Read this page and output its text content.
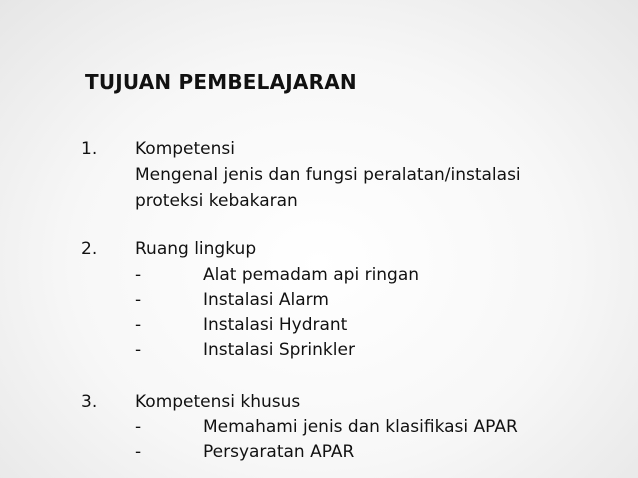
TUJUAN PEMBELAJARAN
1. Kompetensi
Mengenal jenis dan fungsi peralatan/instalasi
proteksi kebakaran
2. Ruang lingkup
-	Alat pemadam api ringan
-	Instalasi Alarm
-	Instalasi Hydrant
-	Instalasi Sprinkler
3. Kompetensi khusus
-	Memahami jenis dan klasifikasi APAR
-	Persyaratan APAR
